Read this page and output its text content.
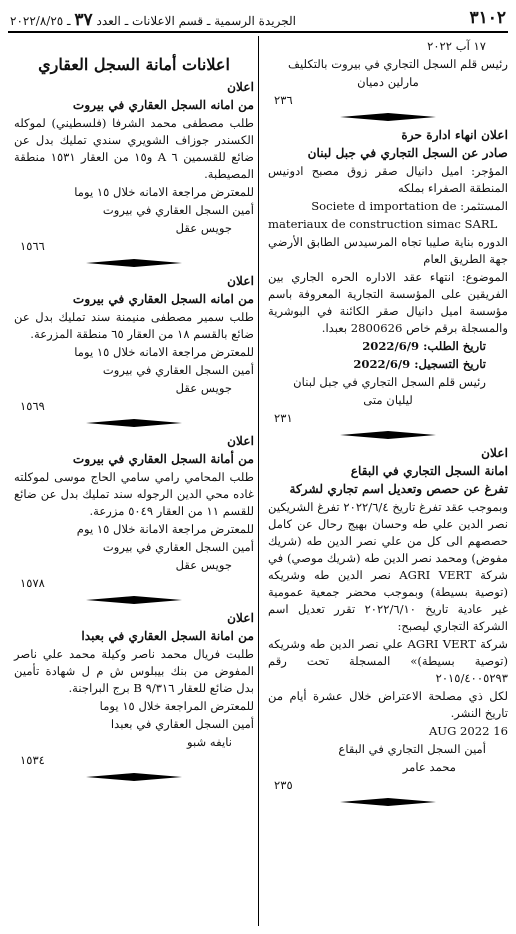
٣١٠٢
الجريدة الرسمية ـ قسم الاعلانات ـ العدد ٣٧ ـ ٢٠٢٢/٨/٢٥

١٧ آب ٢٠٢٢

رئيس قلم السجل التجاري في بيروت بالتكليف

مارلين دميان

٢٣٦

اعلان انهاء ادارة حرة

صادر عن السجل التجاري في جبل لبنان

المؤجر: اميل دانيال صقر زوق مصبح ادونيس المنطقة الصفراء بملكه

المستثمر: Societe d importation de

materiaux de construction simac SARL

الدوره بناية صليبا تجاه المرسيدس الطابق الأرضي جهة الطريق العام

الموضوع: انتهاء عقد الاداره الحره الجاري بين الفريقين على المؤسسة التجارية المعروفة باسم مؤسسة اميل دانيال صقر الكائنة في البوشرية والمسجلة برقم خاص 2800626 بعبدا.

تاريخ الطلب: 2022/6/9

تاريخ التسجيل: 2022/6/9

رئيس قلم السجل التجاري في جبل لبنان

ليليان متى

٢٣١

اعلان

امانة السجل التجاري في البقاع

تفرغ عن حصص وتعديل اسم تجاري لشركة

وبموجب عقد تفرغ تاريخ ٢٠٢٢/٦/٤ تفرغ الشريكين نصر الدين علي طه وحسان بهيج رحال عن كامل حصصهم الى كل من علي نصر الدين طه (شريك مفوض) ومحمد نصر الدين طه (شريك موصي) في شركة AGRI VERT نصر الدين طه وشريكه (توصية بسيطة) وبموجب محضر جمعية عمومية غير عادية تاريخ ٢٠٢٢/٦/١٠ تقرر تعديل اسم الشركة التجاري ليصبح:

شركة AGRI VERT علي نصر الدين طه وشريكه (توصية بسيطة)» المسجلة تحت رقم ٢٠١٥/٤٠٠٥٢٩٣

لكل ذي مصلحة الاعتراض خلال عشرة أيام من تاريخ النشر.

16 AUG 2022

أمين السجل التجاري في البقاع

محمد عامر

٢٣٥

اعلانات أمانة السجل العقاري

اعلان

من امانه السجل العقاري في بيروت

طلب مصطفى محمد الشرفا (فلسطيني) لموكله الكسندر جوزاف الشويري سندي تمليك بدل عن ضائع للقسمين ٦ A و١٥ من العقار ١٥٣١ منطقة المصيطبة.

للمعترض مراجعة الامانه خلال ١٥ يوما

أمين السجل العقاري في بيروت

جويس عقل

١٥٦٦

اعلان

من امانه السجل العقاري في بيروت

طلب سمير مصطفى منيمنة سند تمليك بدل عن ضائع بالقسم ١٨ من العقار ٦٥ منطقة المزرعة.

للمعترض مراجعة الامانه خلال ١٥ يوما

أمين السجل العقاري في بيروت

جويس عقل

١٥٦٩

اعلان

من أمانة السجل العقاري في بيروت

طلب المحامي رامي سامي الحاج موسى لموكلته غاده محي الدين الرجوله سند تمليك بدل عن ضائع للقسم ١١ من العقار ٥٠٤٩ مزرعة.

للمعترض مراجعة الامانة خلال ١٥ يوم

أمين السجل العقاري في بيروت

جويس عقل

١٥٧٨

اعلان

من امانة السجل العقاري في بعبدا

طلبت فريال محمد ناصر وكيلة محمد علي ناصر المفوض من بنك بيبلوس ش م ل شهادة تأمين بدل ضائع للعقار ٩/٣١٦ B برج البراجنة.

للمعترض المراجعة خلال ١٥ يوما

أمين السجل العقاري في بعبدا

نايفه شبو

١٥٣٤
